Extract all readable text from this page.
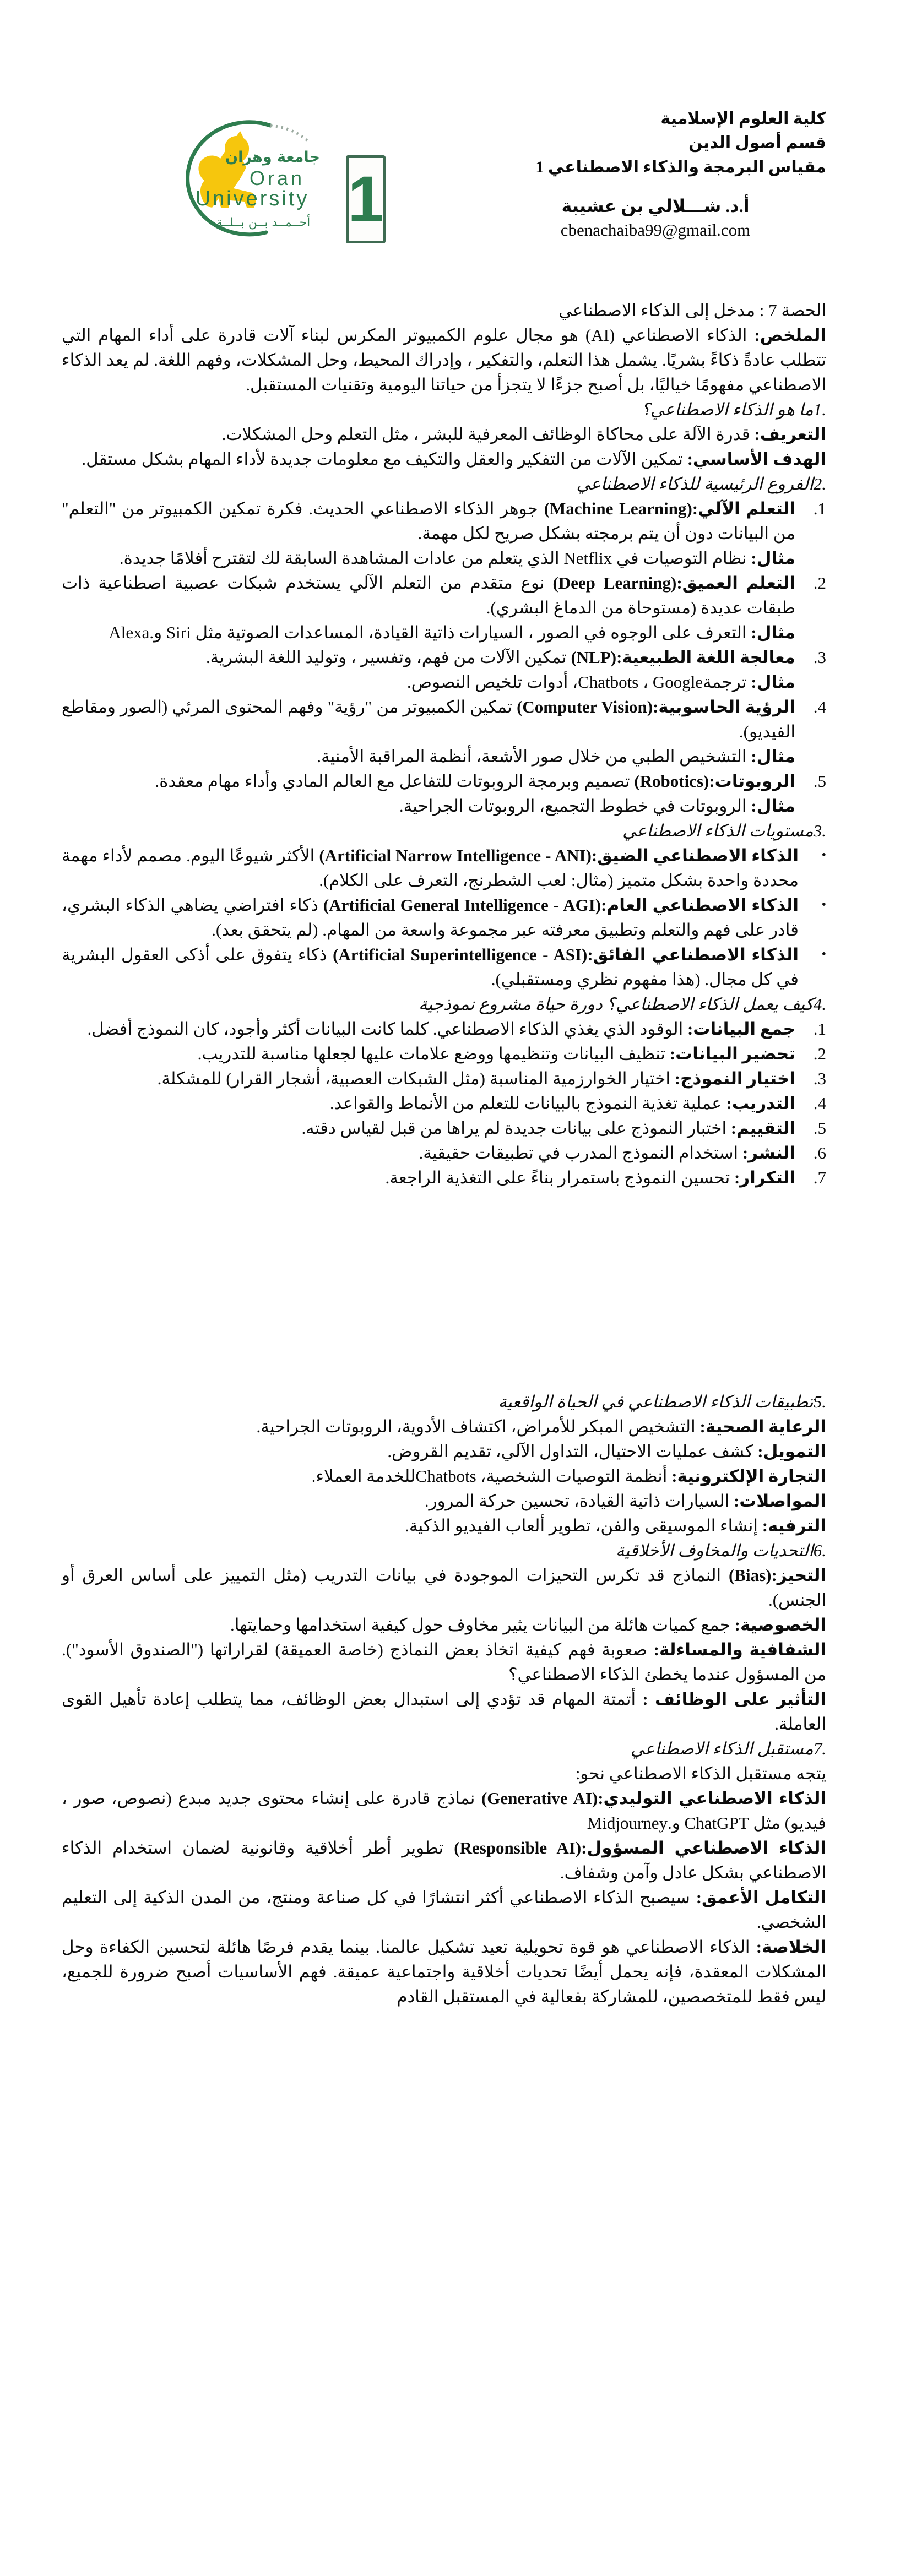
جامعة وهران
Oran
University
أحــمــد بــن بــلــة 1
كلية العلوم الإسلامية
قسم أصول الدين
مقياس البرمجة والذكاء الاصطناعي 1
أ.د. شـــلالي بن عشيبة
cbenachaiba99@gmail.com
الحصة 7 : مدخل إلى الذكاء الاصطناعي
الملخص: الذكاء الاصطناعي (AI) هو مجال علوم الكمبيوتر المكرس لبناء آلات قادرة على أداء المهام التي تتطلب عادةً ذكاءً بشريًا. يشمل هذا التعلم، والتفكير ، وإدراك المحيط، وحل المشكلات، وفهم اللغة. لم يعد الذكاء الاصطناعي مفهومًا خياليًا، بل أصبح جزءًا لا يتجزأ من حياتنا اليومية وتقنيات المستقبل.
.1ما هو الذكاء الاصطناعي؟
التعريف: قدرة الآلة على محاكاة الوظائف المعرفية للبشر ، مثل التعلم وحل المشكلات.
الهدف الأساسي: تمكين الآلات من التفكير والعقل والتكيف مع معلومات جديدة لأداء المهام بشكل مستقل.
.2الفروع الرئيسية للذكاء الاصطناعي
1.
التعلم الآلي:(Machine Learning) جوهر الذكاء الاصطناعي الحديث. فكرة تمكين الكمبيوتر من "التعلم" من البيانات دون أن يتم برمجته بشكل صريح لكل مهمة.
مثال: نظام التوصيات في Netflix الذي يتعلم من عادات المشاهدة السابقة لك لتقترح أفلامًا جديدة.
2.
التعلم العميق:(Deep Learning) نوع متقدم من التعلم الآلي يستخدم شبكات عصبية اصطناعية ذات طبقات عديدة (مستوحاة من الدماغ البشري).
مثال: التعرف على الوجوه في الصور ، السيارات ذاتية القيادة، المساعدات الصوتية مثل Siri و.Alexa
3.
معالجة اللغة الطبيعية:(NLP) تمكين الآلات من فهم، وتفسير ، وتوليد اللغة البشرية.
مثال: ترجمةGoogle ‏، Chatbots، أدوات تلخيص النصوص.
4.
الرؤية الحاسوبية:(Computer Vision) تمكين الكمبيوتر من "رؤية" وفهم المحتوى المرئي (الصور ومقاطع الفيديو).
مثال: التشخيص الطبي من خلال صور الأشعة، أنظمة المراقبة الأمنية.
5.
الروبوتات:(Robotics) تصميم وبرمجة الروبوتات للتفاعل مع العالم المادي وأداء مهام معقدة.
مثال: الروبوتات في خطوط التجميع، الروبوتات الجراحية.
.3مستويات الذكاء الاصطناعي
•
الذكاء الاصطناعي الضيق:(Artificial Narrow Intelligence - ANI) الأكثر شيوعًا اليوم. مصمم لأداء مهمة محددة واحدة بشكل متميز (مثال: لعب الشطرنج، التعرف على الكلام).
•
الذكاء الاصطناعي العام:(Artificial General Intelligence - AGI) ذكاء افتراضي يضاهي الذكاء البشري، قادر على فهم والتعلم وتطبيق معرفته عبر مجموعة واسعة من المهام. (لم يتحقق بعد).
•
الذكاء الاصطناعي الفائق:(Artificial Superintelligence - ASI) ذكاء يتفوق على أذكى العقول البشرية في كل مجال. (هذا مفهوم نظري ومستقبلي).
.4كيف يعمل الذكاء الاصطناعي؟ دورة حياة مشروع نموذجية
1.
جمع البيانات: الوقود الذي يغذي الذكاء الاصطناعي. كلما كانت البيانات أكثر وأجود، كان النموذج أفضل.
2.
تحضير البيانات: تنظيف البيانات وتنظيمها ووضع علامات عليها لجعلها مناسبة للتدريب.
3.
اختيار النموذج: اختيار الخوارزمية المناسبة (مثل الشبكات العصبية، أشجار القرار) للمشكلة.
4.
التدريب: عملية تغذية النموذج بالبيانات للتعلم من الأنماط والقواعد.
5.
التقييم: اختبار النموذج على بيانات جديدة لم يراها من قبل لقياس دقته.
6.
النشر: استخدام النموذج المدرب في تطبيقات حقيقية.
7.
التكرار: تحسين النموذج باستمرار بناءً على التغذية الراجعة.
.5تطبيقات الذكاء الاصطناعي في الحياة الواقعية
الرعاية الصحية: التشخيص المبكر للأمراض، اكتشاف الأدوية، الروبوتات الجراحية.
التمويل: كشف عمليات الاحتيال، التداول الآلي، تقديم القروض.
التجارة الإلكترونية: أنظمة التوصيات الشخصية، ‏Chatbotsللخدمة العملاء.
المواصلات: السيارات ذاتية القيادة، تحسين حركة المرور.
الترفيه: إنشاء الموسيقى والفن، تطوير ألعاب الفيديو الذكية.
.6التحديات والمخاوف الأخلاقية
التحيز:(Bias) النماذج قد تكرس التحيزات الموجودة في بيانات التدريب (مثل التمييز على أساس العرق أو الجنس).
الخصوصية: جمع كميات هائلة من البيانات يثير مخاوف حول كيفية استخدامها وحمايتها.
الشفافية والمساءلة: صعوبة فهم كيفية اتخاذ بعض النماذج (خاصة العميقة) لقراراتها ("الصندوق الأسود"). من المسؤول عندما يخطئ الذكاء الاصطناعي؟
التأثير على الوظائف : أتمتة المهام قد تؤدي إلى استبدال بعض الوظائف، مما يتطلب إعادة تأهيل القوى العاملة.
.7مستقبل الذكاء الاصطناعي
يتجه مستقبل الذكاء الاصطناعي نحو:
الذكاء الاصطناعي التوليدي:(Generative AI) نماذج قادرة على إنشاء محتوى جديد مبدع (نصوص، صور ، فيديو) مثل ChatGPT و.Midjourney
الذكاء الاصطناعي المسؤول:(Responsible AI) تطوير أطر أخلاقية وقانونية لضمان استخدام الذكاء الاصطناعي بشكل عادل وآمن وشفاف.
التكامل الأعمق: سيصبح الذكاء الاصطناعي أكثر انتشارًا في كل صناعة ومنتج، من المدن الذكية إلى التعليم الشخصي.
الخلاصة: الذكاء الاصطناعي هو قوة تحويلية تعيد تشكيل عالمنا. بينما يقدم فرصًا هائلة لتحسين الكفاءة وحل المشكلات المعقدة، فإنه يحمل أيضًا تحديات أخلاقية واجتماعية عميقة. فهم الأساسيات أصبح ضرورة للجميع، ليس فقط للمتخصصين، للمشاركة بفعالية في المستقبل القادم
